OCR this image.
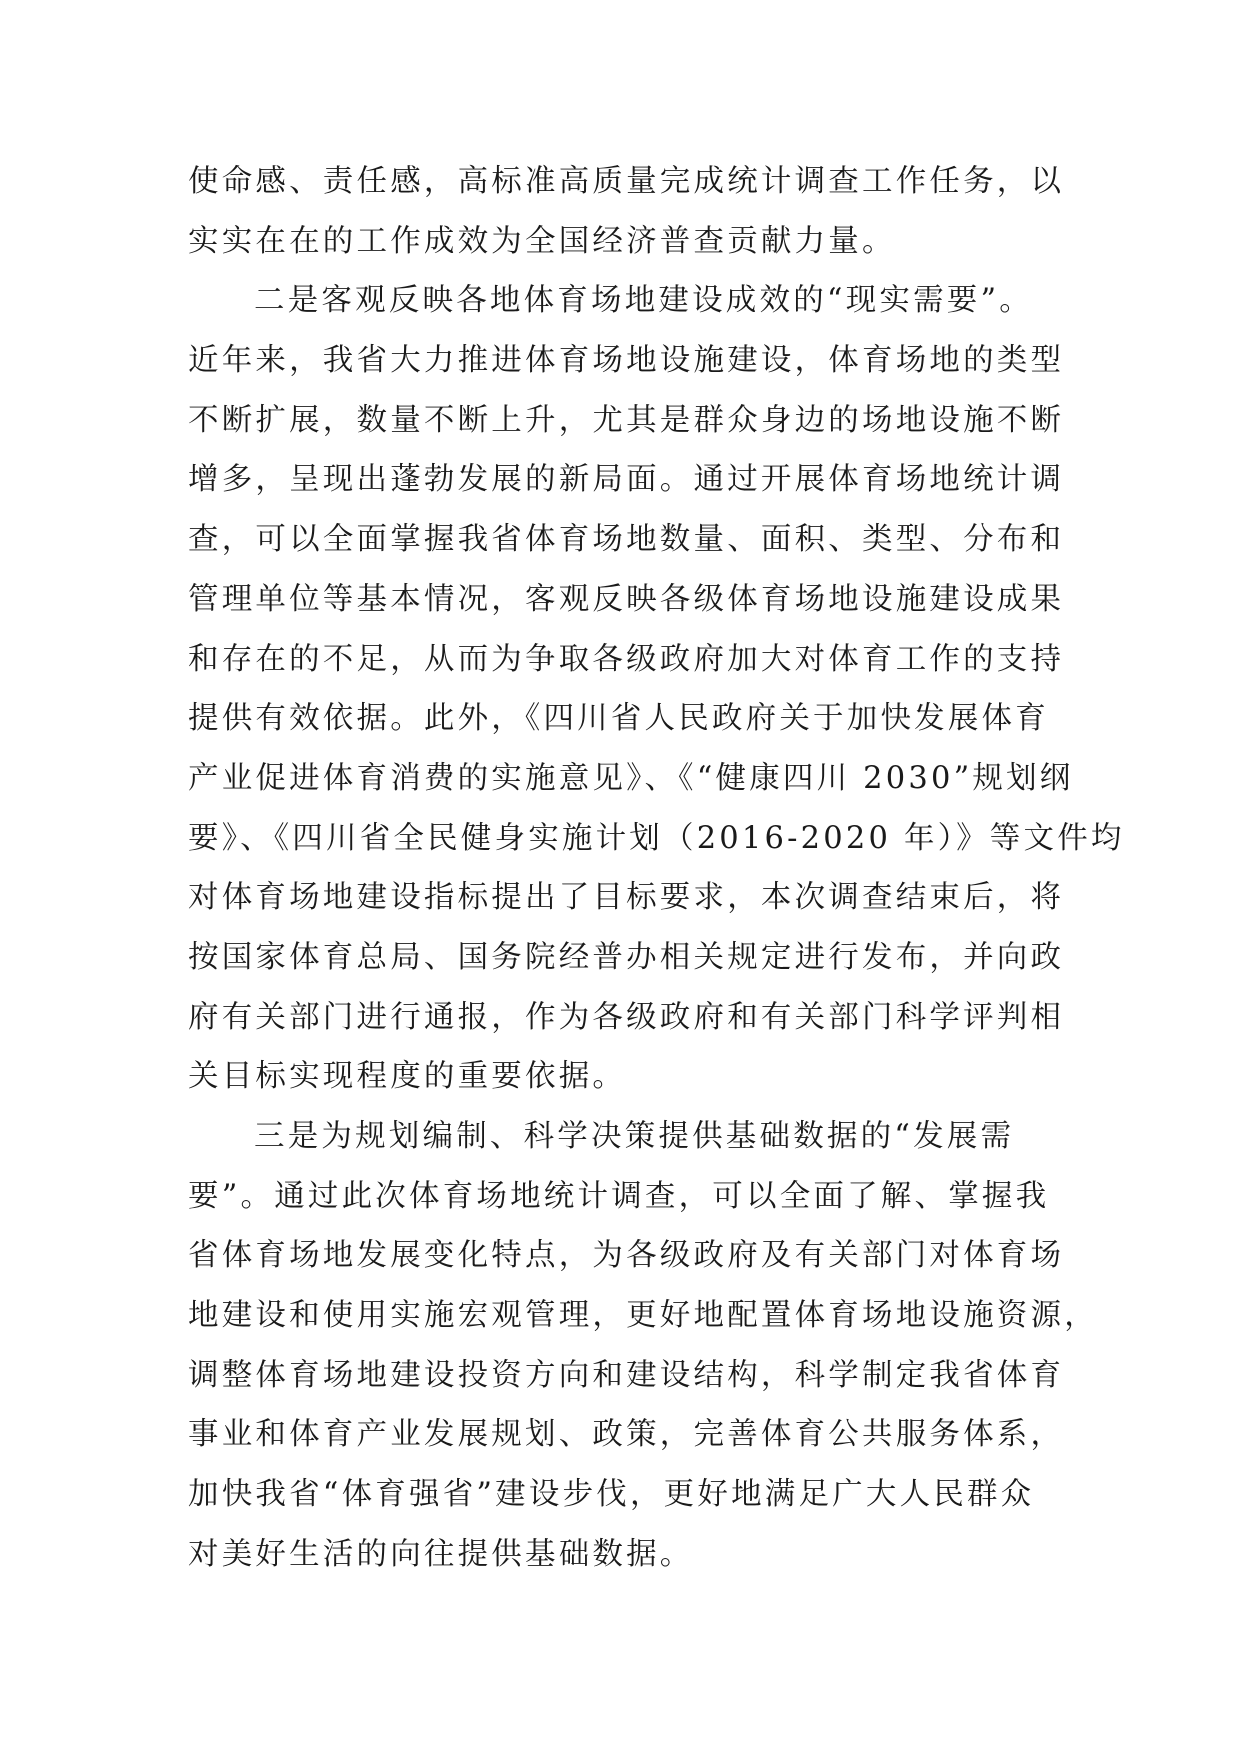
使命感、责任感，高标准高质量完成统计调查工作任务，以
实实在在的工作成效为全国经济普查贡献力量。
二是客观反映各地体育场地建设成效的“现实需要”。
近年来，我省大力推进体育场地设施建设，体育场地的类型
不断扩展，数量不断上升，尤其是群众身边的场地设施不断
增多，呈现出蓬勃发展的新局面。通过开展体育场地统计调
查，可以全面掌握我省体育场地数量、面积、类型、分布和
管理单位等基本情况，客观反映各级体育场地设施建设成果
和存在的不足，从而为争取各级政府加大对体育工作的支持
提供有效依据。此外，《四川省人民政府关于加快发展体育
产业促进体育消费的实施意见》、《“健康四川 2030”规划纲
要》、《四川省全民健身实施计划（2016-2020 年）》等文件均
对体育场地建设指标提出了目标要求，本次调查结束后，将
按国家体育总局、国务院经普办相关规定进行发布，并向政
府有关部门进行通报，作为各级政府和有关部门科学评判相
关目标实现程度的重要依据。
三是为规划编制、科学决策提供基础数据的“发展需
要”。通过此次体育场地统计调查，可以全面了解、掌握我
省体育场地发展变化特点，为各级政府及有关部门对体育场
地建设和使用实施宏观管理，更好地配置体育场地设施资源，
调整体育场地建设投资方向和建设结构，科学制定我省体育
事业和体育产业发展规划、政策，完善体育公共服务体系，
加快我省“体育强省”建设步伐，更好地满足广大人民群众
对美好生活的向往提供基础数据。
